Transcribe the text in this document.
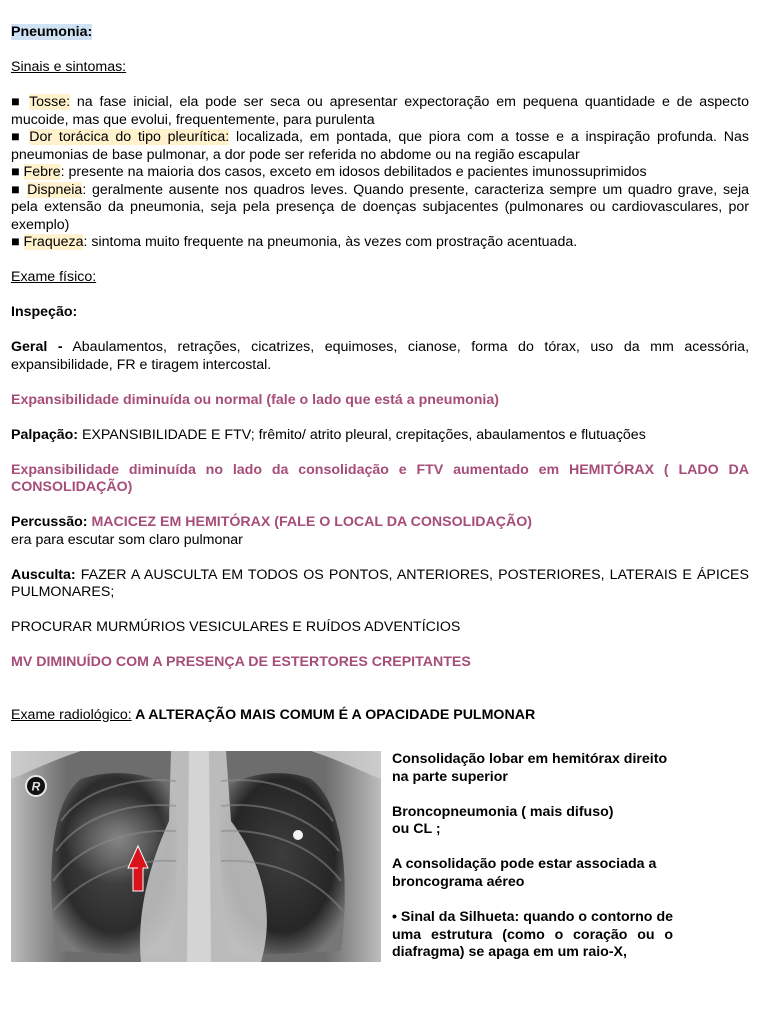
Pneumonia:

Sinais e sintomas:

■ Tosse: na fase inicial, ela pode ser seca ou apresentar expectoração em pequena quantidade e de aspecto mucoide, mas que evolui, frequentemente, para purulenta

■ Dor torácica do tipo pleurítica: localizada, em pontada, que piora com a tosse e a inspiração profunda. Nas pneumonias de base pulmonar, a dor pode ser referida no abdome ou na região escapular

■ Febre: presente na maioria dos casos, exceto em idosos debilitados e pacientes imunossuprimidos

■ Dispneia: geralmente ausente nos quadros leves. Quando presente, caracteriza sempre um quadro grave, seja pela extensão da pneumonia, seja pela presença de doenças subjacentes (pulmonares ou cardiovasculares, por exemplo)

■ Fraqueza: sintoma muito frequente na pneumonia, às vezes com prostração acentuada.

Exame físico:

Inspeção:

Geral - Abaulamentos, retrações, cicatrizes, equimoses, cianose, forma do tórax, uso da mm acessória, expansibilidade, FR e tiragem intercostal.

Expansibilidade diminuída ou normal (fale o lado que está a pneumonia)

Palpação: EXPANSIBILIDADE E FTV; frêmito/ atrito pleural, crepitações, abaulamentos e flutuações

Expansibilidade diminuída no lado da consolidação e FTV aumentado em HEMITÓRAX ( LADO DA CONSOLIDAÇÃO)

Percussão: MACICEZ EM HEMITÓRAX (FALE O LOCAL DA CONSOLIDAÇÃO)

era para escutar som claro pulmonar

Ausculta: FAZER A AUSCULTA EM TODOS OS PONTOS, ANTERIORES, POSTERIORES, LATERAIS E ÁPICES PULMONARES;

PROCURAR MURMÚRIOS VESICULARES E RUÍDOS ADVENTÍCIOS

MV DIMINUÍDO COM A PRESENÇA DE ESTERTORES CREPITANTES

Exame radiológico: A ALTERAÇÃO MAIS COMUM É A OPACIDADE PULMONAR

R

Consolidação lobar em hemitórax direito na parte superior

Broncopneumonia ( mais difuso)

ou CL ;

A consolidação pode estar associada a broncograma aéreo

• Sinal da Silhueta: quando o contorno de uma estrutura (como o coração ou o diafragma) se apaga em um raio-X,
